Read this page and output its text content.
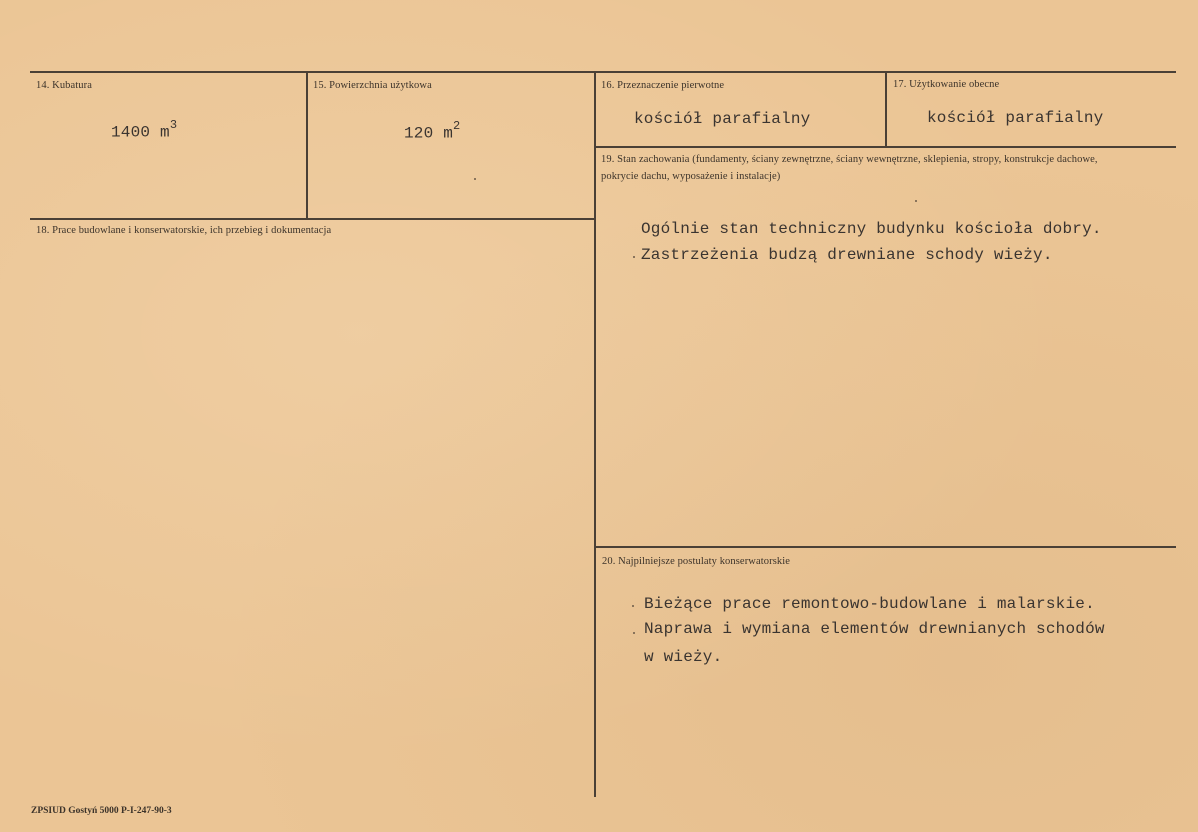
14. Kubatura
1400 $m^3$
15. Powierzchnia użytkowa
120 $m^2$
16. Przeznaczenie pierwotne
kościół parafialny
17. Użytkowanie obecne
kościół parafialny
18. Prace budowlane i konserwatorskie, ich przebieg i dokumentacja
19. Stan zachowania (fundamenty, ściany zewnętrzne, ściany wewnętrzne, sklepienia, stropy, konstrukcje dachowe, pokrycie dachu, wyposażenie i instalacje)
Ogólnie stan techniczny budynku kościoła dobry.
Zastrzeżenia budzą drewniane schody wieży.
20. Najpilniejsze postulaty konserwatorskie
Bieżące prace remontowo-budowlane i malarskie.
Naprawa i wymiana elementów drewnianych schodów
w wieży.
ZPSIUD Gostyń 5000 P-I-247-90-3
